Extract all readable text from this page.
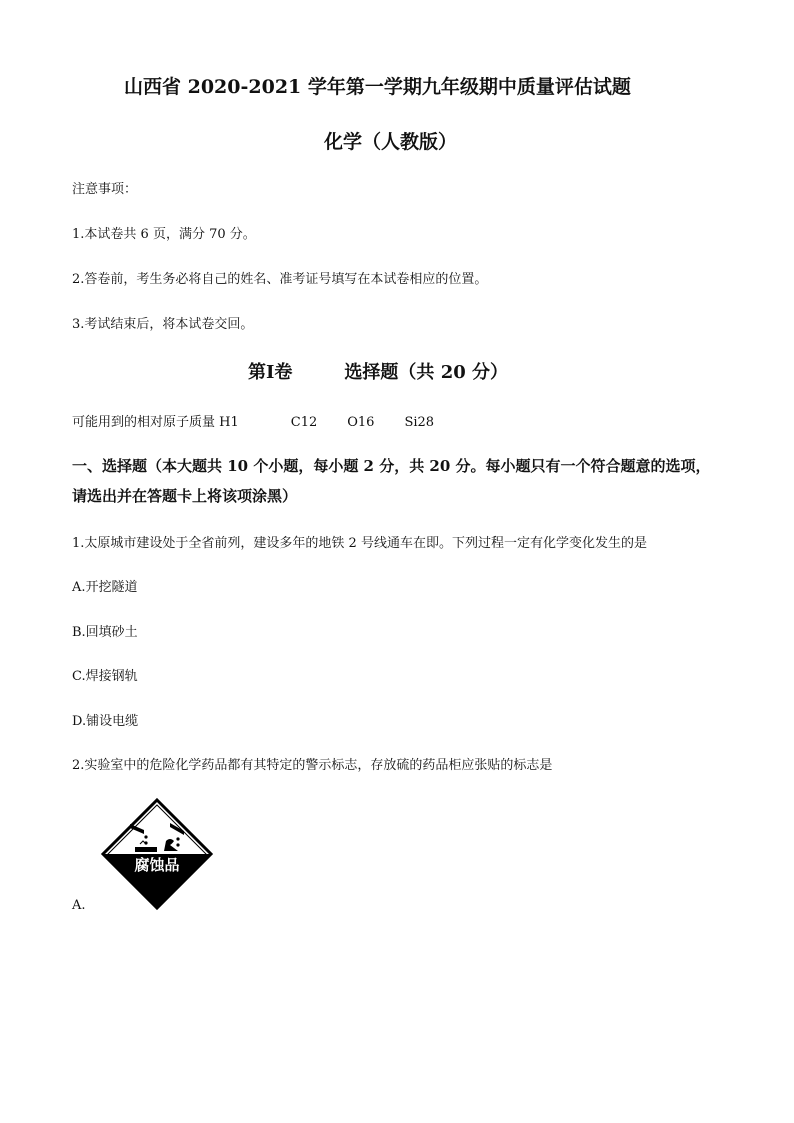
山西省 2020-2021 学年第一学期九年级期中质量评估试题
化学（人教版）
注意事项：
1.本试卷共 6 页，满分 70 分。
2.答卷前，考生务必将自己的姓名、准考证号填写在本试卷相应的位置。
3.考试结束后，将本试卷交回。
第Ⅰ卷	选择题（共 20 分）
可能用到的相对原子质量 H1	C12 O16 Si28
一、选择题（本大题共 10 个小题，每小题 2 分，共 20 分。每小题只有一个符合题意的选项，
请选出并在答题卡上将该项涂黑）
1.太原城市建设处于全省前列，建设多年的地铁 2 号线通车在即。下列过程一定有化学变化发生的是
A.开挖隧道
B.回填砂土
C.焊接钢轨
D.铺设电缆
2.实验室中的危险化学药品都有其特定的警示标志，存放硫的药品柜应张贴的标志是
腐蚀品
A.
